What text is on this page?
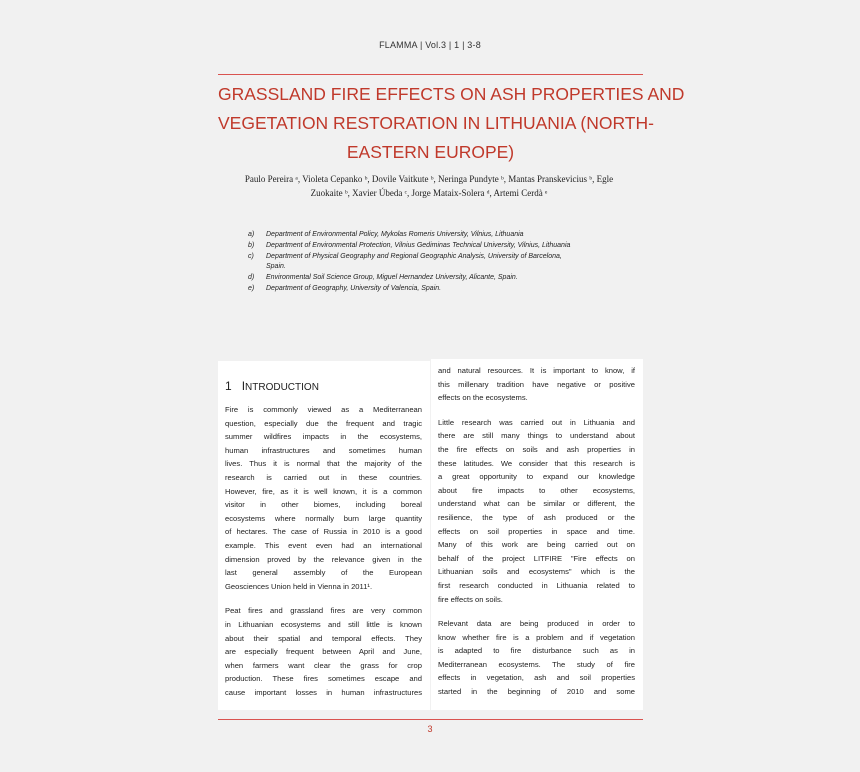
FLAMMA | Vol.3 | 1 | 3-8
GRASSLAND FIRE EFFECTS ON ASH PROPERTIES AND
VEGETATION RESTORATION IN LITHUANIA (NORTH-
EASTERN EUROPE)
Paulo Pereira ᵃ, Violeta Cepanko ᵇ, Dovile Vaitkute ᵇ, Neringa Pundyte ᵇ, Mantas Pranskevicius ᵇ, Egle
Zuokaite ᵇ, Xavier Úbeda ᶜ, Jorge Mataix-Solera ᵈ, Artemi Cerdà ᵉ
a)	Department of Environmental Policy, Mykolas Romeris University, Vilnius, Lithuania
b)	Department of Environmental Protection, Vilnius Gediminas Technical University, Vilnius, Lithuania
c)	Department of Physical Geography and Regional Geographic Analysis, University of Barcelona,
Spain.
d)	Environmental Soil Science Group, Miguel Hernandez University, Alicante, Spain.
e)	Department of Geography, University of Valencia, Spain.
1 INTRODUCTION
Fire is commonly viewed as a Mediterranean
question, especially due the frequent and tragic
summer wildfires impacts in the ecosystems,
human infrastructures and sometimes human
lives. Thus it is normal that the majority of the
research is carried out in these countries.
However, fire, as it is well known, it is a common
visitor in other biomes, including boreal
ecosystems where normally burn large quantity
of hectares. The case of Russia in 2010 is a good
example. This event even had an international
dimension proved by the relevance given in the
last general assembly of the European
Geosciences Union held in Vienna in 2011¹.
Peat fires and grassland fires are very common
in Lithuanian ecosystems and still little is known
about their spatial and temporal effects. They
are especially frequent between April and June,
when farmers want clear the grass for crop
production. These fires sometimes escape and
cause important losses in human infrastructures
and natural resources. It is important to know, if
this millenary tradition have negative or positive
effects on the ecosystems.
Little research was carried out in Lithuania and
there are still many things to understand about
the fire effects on soils and ash properties in
these latitudes. We consider that this research is
a great opportunity to expand our knowledge
about fire impacts to other ecosystems,
understand what can be similar or different, the
resilience, the type of ash produced or the
effects on soil properties in space and time.
Many of this work are being carried out on
behalf of the project LITFIRE "Fire effects on
Lithuanian soils and ecosystems" which is the
first research conducted in Lithuania related to
fire effects on soils.
Relevant data are being produced in order to
know whether fire is a problem and if vegetation
is adapted to fire disturbance such as in
Mediterranean ecosystems. The study of fire
effects in vegetation, ash and soil properties
started in the beginning of 2010 and some
3
